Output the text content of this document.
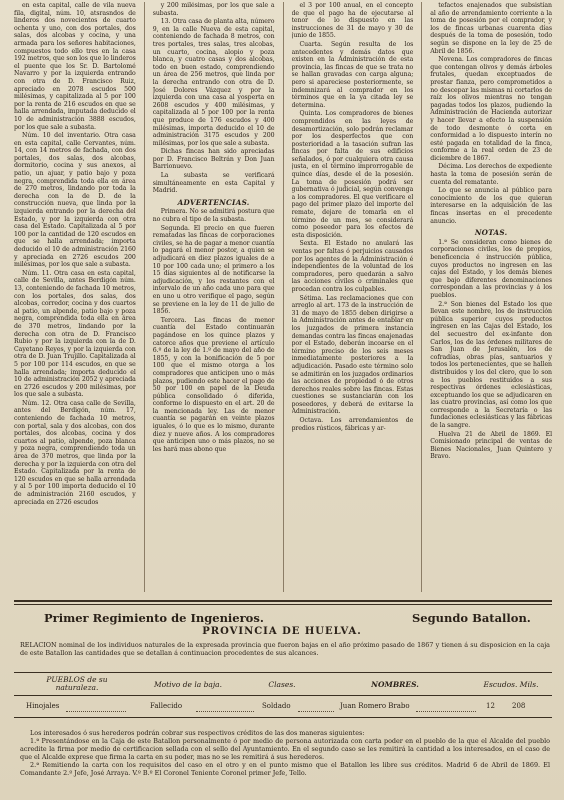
en esta capital, calle de vila nueva fila, digital, núm. 10, atsrasndos de linderos dos novecientos de cuarto ochenta y uno, con dos portales, dos salas, dos alcobas y cocina, y una armada para los señores habitaciones, compuestos todo ello tres en la casa 192 metros, que son los que lo linderos el puente que los Sr. D. Bartolomé Navarro y por la izquierda entrando con otra de D. Francisco Ruiz, apreciado en 2078 escudos 500 milésimas, y capitalizada al 5 por 100 por la renta de 216 escudos en que se halla arrendada, imputada deducido el 10 de administración 3888 escudos, por los que sale a subasta.

Núm. 10 del inventario. Otra casa en esta capital, calle Cervantes, núm. 14, con 14 metros de fachada, con dos portales, dos salas, dos alcobas, dormitorio, cocina y sus anexos, al patio, un ajuar, y patio bajo y poza negra, comprendida toda ella en área de 270 metros, lindando por toda la derecha con la de D. de la construcción nueva, que linda por la izquierda entrando por la derecha del Estado, y por la izquierda con otra casa del Estado. Capitalizada al 5 por 100 por la cantidad de 120 escudos en que se halla arrendada; importa deducido el 10 de administración 2160 y apreciada en 2726 escudos 200 milésimas, por los que sale a subasta.

Núm. 11. Otra casa en esta capital, calle de Sevilla, antes Berdigón núm. 13, conteniendo de fachada 10 metros, con los portales, dos salas, dos alcobas, corredor, cocina y dos cuartos al patio, un alpende, patio bajo y poza negra, comprendida toda ella en área de 370 metros, lindando por la derecha con otra de D. Francisco Rubio y por la izquierda con la de D. Cayetano Reyes, y por la izquierda con otra de D. Juan Trujillo. Capitalizada al 5 por 100 por 114 escudos, en que se halla arrendada; importa deducido el 10 de administración 2052 y apreciada en 2726 escudos y 200 milésimas, por los que sale a subasta.

Núm. 12. Otra casa calle de Sevilla, antes del Berdigón, núm. 17, conteniendo de fachada 10 metros, con portal, sala y dos alcobas, con dos portales, dos alcobas, cocina y dos cuartos al patio, alpende, poza blanca y poza negra, comprendiendo toda un área de 370 metros, que linda por la derecha y por la izquierda con otra del Estado. Capitalizada por la renta de 120 escudos en que se halla arrendada y al 5 por 100 importa deducido el 10 de administración 2160 escudos, y apreciada en 2726 escudos

y 200 milésimas, por los que sale a subasta.

13. Otra casa de planta alta, número 9, en la calle Nueva de esta capital, conteniendo de fachada 8 metros, con tres portales, tres salas, tres alcobas, un cuarto, cocina, alopio y poza blanca, y cuatro casas y dos alcobas, todo en buen estado, comprendiendo un área de 256 metros, que linda por la derecha entrando con otra de D. José Dolores Vázquez y por la izquierda con una casa al yosperta en 2608 escudos y 400 milésimas, y capitalizada al 5 por 100 por la renta que produce de 176 escudos y 400 milésimas, importa deducido el 10 de administración 3175 escudos y 200 milésimas, por los que sale a subasta.

Dichas fincas han sido apreciadas por D. Francisco Beltrán y Don Juan Barrionuevo.

La subasta se verificará simultáneamente en esta Capital y Madrid.

ADVERTENCIAS.

Primera. No se admitirá postura que no cubra el tipo de la subasta.

Segunda. El precio en que fueren rematadas las fincas de corporaciones civiles, se ha de pagar a menor cuantía lo pagará el menor postor, a quien se adjudicará en diez plazos iguales de a 10 por 100 cada uno; el primero a los 15 días siguientes al de notificarse la adjudicación, y los restantes con el intervalo de un año cada uno para que en uno u otro verifique el pago, según se previene en la ley de 11 de julio de 1856.

Tercera. Las fincas de menor cuantía del Estado continuarán pagándose en los quince plazos y catorce años que previene el artículo 6.º de la ley de 1.º de mayo del año de 1855, y con la bonificación de 5 por 100 que el mismo otorga a los compradores que anticipen uno o más plazos, pudiendo este hacer el pago de 50 por 100 en papel de la Deuda pública consolidado ó diferida, conforme lo dispuesto en el art. 20 de la mencionada ley. Las de menor cuantía se pagarán en veinte plazos iguales, ó lo que es lo mismo, durante diez y nueve años. A los compradores que anticipen uno o más plazos, no se les hará mas abono que

el 3 por 100 anual, en el concepto de que el pago ha de ejecutarse al tenor de lo dispuesto en las instrucciones de 31 de mayo y 30 de junio de 1855.

Cuarta. Según resulta de los antecedentes y demás datos que existen en la Administración de esta provincia, las fincas de que se trata no se hallan gravadas con carga alguna; pero si apareciese posteriormente, se indemnizará al comprador en los términos que en la ya citada ley se determina.

Quinta. Los compradores de bienes comprendidos en las leyes de desamortización, solo podrán reclamar por los desperfectos que con posterioridad a la tasación sufran las fincas por falta de sus edificios señalados, ó por cualquiera otra causa justa, en el término improrrogable de quince días, desde el de la posesión. La toma de posesión podrá ser gubernativa ó judicial, según convenga a los compradores. El que verificare el pago del primer plazo del importe del remate, dejare de tomarla en el término de un mes, se considerará como poseedor para los efectos de esta disposición.

Sexta. El Estado no anulará las ventas por faltas ó perjuicios causados por los agentes de la Administración é independientes de la voluntad de los compradores, pero quedarán a salvo las acciones civiles o criminales que procedan contra los culpables.

Sétima. Las reclamaciones que con arreglo al art. 173 de la instrucción de 31 de mayo de 1855 deben dirigirse a la Administración antes de entablar en los juzgados de primera instancia demandas contra las fincas enajenadas por el Estado, deberán incoarse en el término preciso de los seis meses inmediatamente posteriores a la adjudicación. Pasado este término solo se admitirán en los juzgados ordinarios las acciones de propiedad ó de otros derechos reales sobre las fincas. Estas cuestiones se sustanciarán con los poseedores, y deberá de evitarse la Administración.

Octava. Los arrendamientos de predios rústicos, fábricas y ar-

tefactos enajenados que subsistían al año de arrendamiento corriente a la toma de posesión por el comprador, y los de fincas urbanas cuarenta días después de la toma de posesión, todo según se dispone en la ley de 25 de Abril de 1856.

Novena. Los compradores de fincas que contengan olivos y demás árboles frutales, quedan exceptuados de prestar fianza, pero comprometidos a no descepar las mismas ni cortarlos de raíz los olivos mientras no tengan pagadas todos los plazos, pudiendo la Administración de Hacienda autorizar y hacer llevar a efecto la suspensión de todo desmonte ó corta en conformidad a lo dispuesto interín no esté pagada en totalidad de la finca, conforme a la real orden de 23 de diciembre de 1867.

Décima. Los derechos de expediente hasta la toma de posesión serán de cuenta del rematante.

Lo que se anuncia al público para conocimiento de los que quieran interesarse en la adquisición de las fincas insertas en el precedente anuncio.

NOTAS.

1.ª Se consideran como bienes de corporaciones civiles, los de propios, beneficencia é instrucción pública, cuyos productos no ingresen en las cajas del Estado, y los demás bienes que bajo diferentes denominaciones correspondan a las provincias y á los pueblos.

2.ª Son bienes del Estado los que llevan este nombre, los de instrucción pública superior cuyos productos ingresen en las Cajas del Estado, los del secuestro del ex-infante don Carlos, los de las órdenes militares de San Juan de Jerusalén, los de cofradías, obras pías, santuarios y todos los pertenecientes, que se hallen distribuidos y los del clero, que lo son a los pueblos restituidos a sus respectivas órdenes eclesiásticas, exceptuando los que se adjudicaren en las cuatro provincias, así como los que corresponde a la Secretaría o las fundaciones eclesiásticas y las fábricas de la sangre.

Huelva 21 de Abril de 1869. El Comisionado principal de ventas de Bienes Nacionales, Juan Quintero y Bravo.

Primer Regimiento de Ingenieros.	Segundo Batallon.
PROVINCIA DE HUELVA.
RELACION nominal de los individuos naturales de la expresada provincia que fueron bajas en el año próximo pasado de 1867 y tienen á su disposicion en la caja de este Batallon las cantidades que se detallan á continuacion procedentes de sus alcances.
PUEBLOS de su naturaleza.	Motivo de la baja.	Clases.	NOMBRES.	Escudos. Mils.
Hinojales	Fallecido	Soldado	Juan Romero Brabo	12 208

Los interesados ó sus herederos podrán cobrar sus respectivos créditos de las dos maneras siguientes:

1.ª Presentándose en la Caja de este Batallon personalmente ó por medio de persona autorizada con carta poder en el pueblo de la que el Alcalde del pueblo acredite la firma por medio de certificacion sellada con el sello del Ayuntamiento. En el segundo caso se les remitirá la cantidad a los interesados, en el caso de que el Alcalde exprese que firma la carta en su poder, mas no se les remitirá á sus herederos.

2.ª Remitiendo la carta con los requisitos del caso en el otro y en el punto mismo que el Batallon les libre sus créditos. Madrid 6 de Abril de 1869. El Comandante 2.º Jefe, José Arraya. V.º B.º El Coronel Teniente Coronel primer Jefe, Tello.
